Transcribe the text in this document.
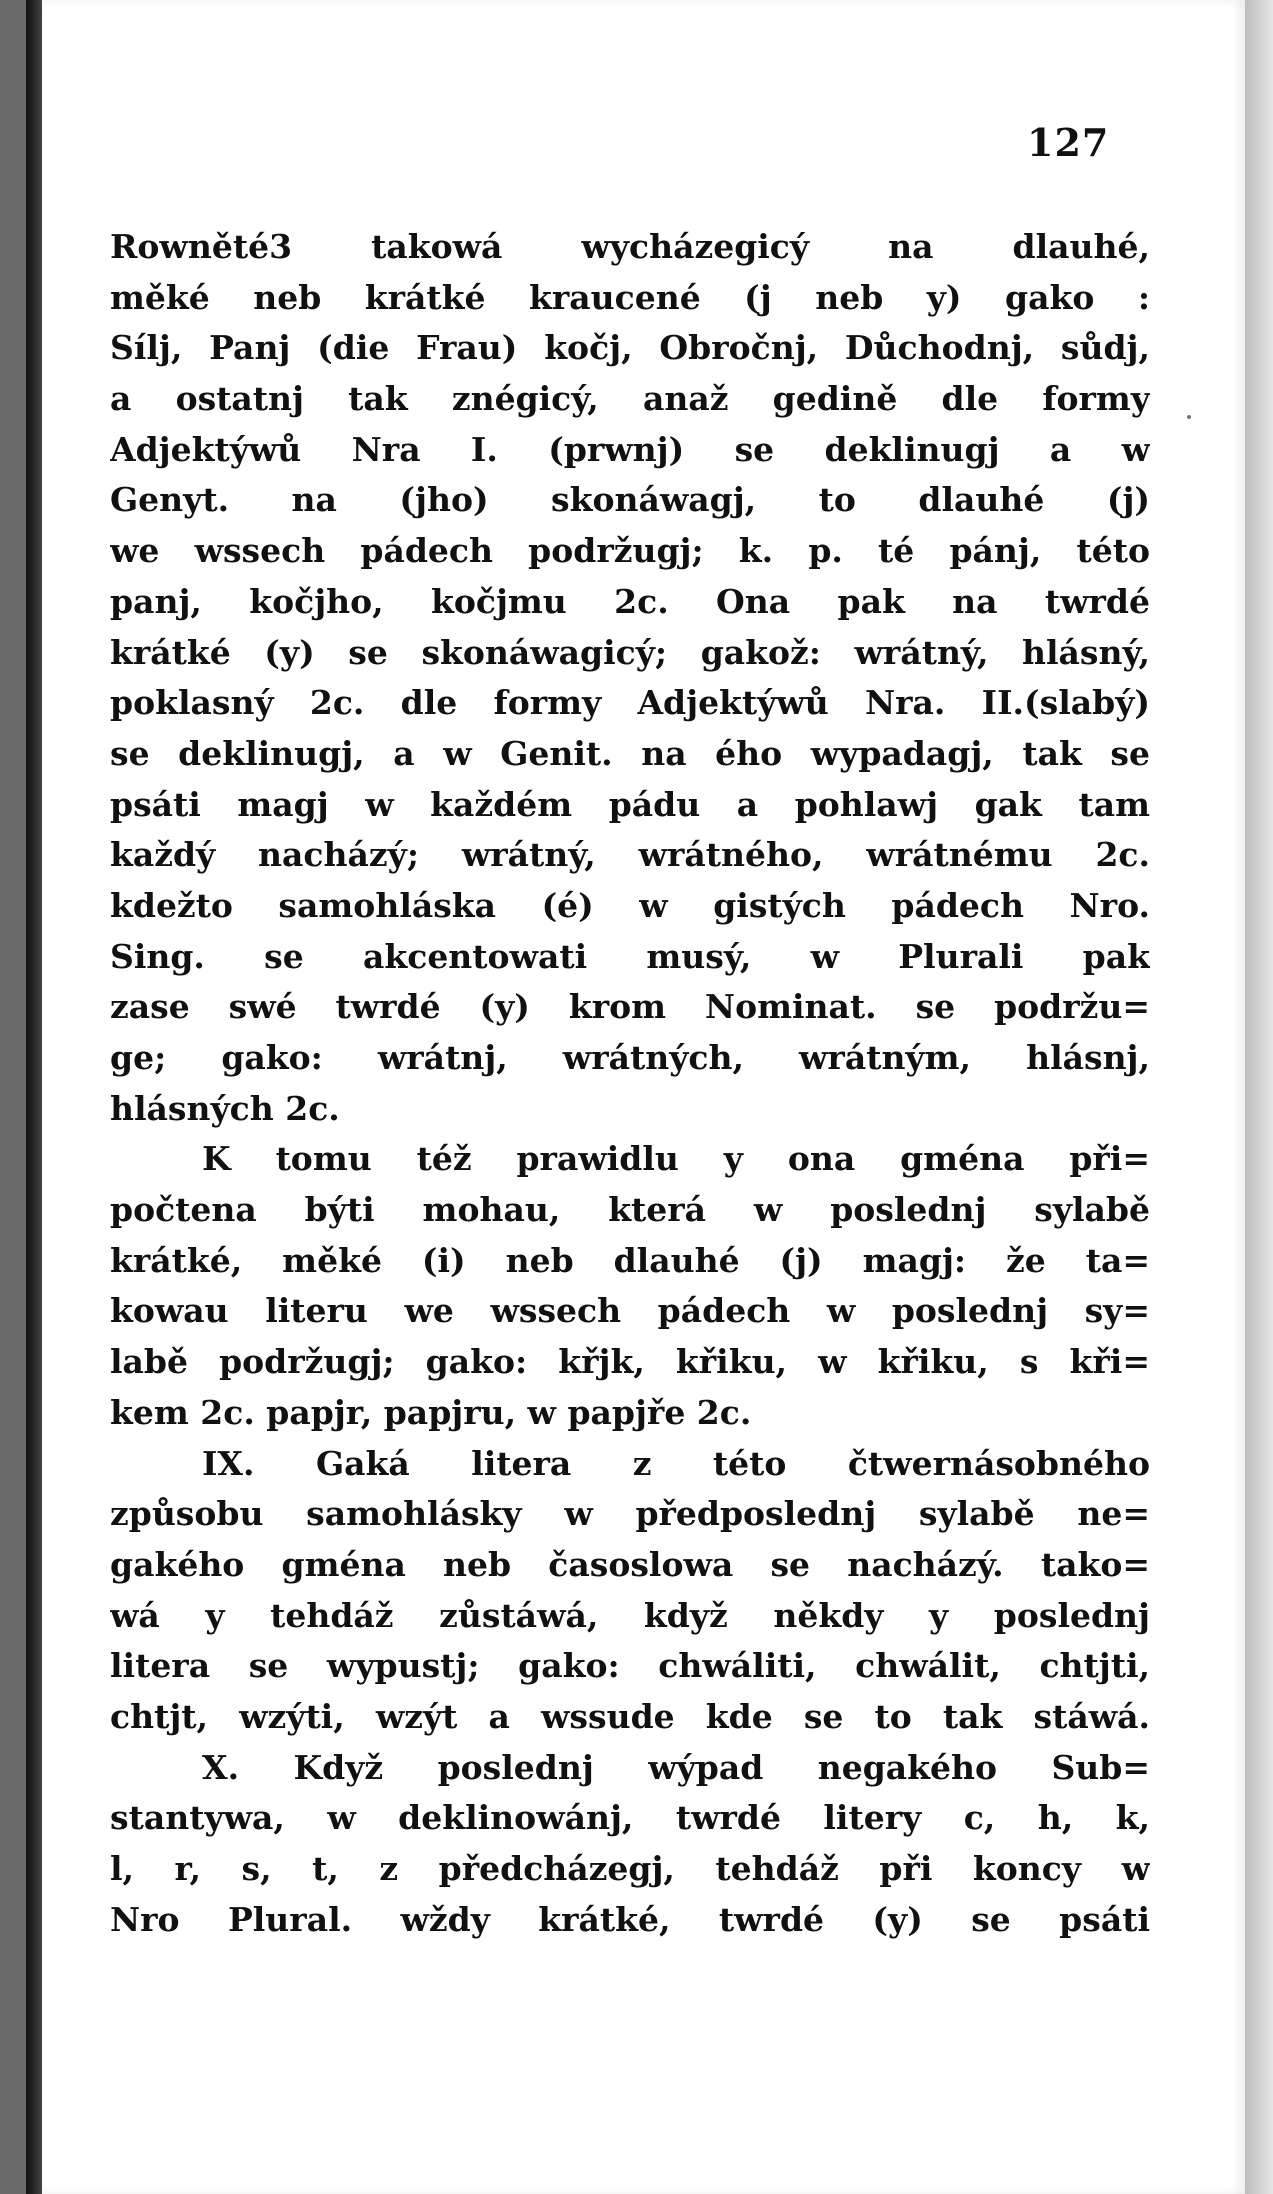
127
Rowněté3 takowá wycházegicý na dlauhé,
měké neb krátké kraucené (j neb y) gako :
Sílj, Panj (die Frau) kočj, Obročnj, Důchodnj, sůdj,
a ostatnj tak znégicý, anaž gedině dle formy
Adjektýwů Nra I. (prwnj) se deklinugj a w
Genyt. na (jho) skonáwagj, to dlauhé (j)
we wssech pádech podržugj; k. p. té pánj, této
panj, kočjho, kočjmu 2c. Ona pak na twrdé
krátké (y) se skonáwagicý; gakož: wrátný, hlásný,
poklasný 2c. dle formy Adjektýwů Nra. II.(slabý)
se deklinugj, a w Genit. na ého wypadagj, tak se
psáti magj w každém pádu a pohlawj gak tam
každý nacházý; wrátný, wrátného, wrátnému 2c.
kdežto samohláska (é) w gistých pádech Nro.
Sing. se akcentowati musý, w Plurali pak
zase swé twrdé (y) krom Nominat. se podržu=
ge; gako: wrátnj, wrátných, wrátným, hlásnj,
hlásných 2c.
K tomu též prawidlu y ona gména při=
počtena býti mohau, která w poslednj sylabě
krátké, měké (i) neb dlauhé (j) magj: že ta=
kowau literu we wssech pádech w poslednj sy=
labě podržugj; gako: křjk, křiku, w křiku, s kři=
kem 2c. papjr, papjru, w papjře 2c.
IX. Gaká litera z této čtwernásobného
způsobu samohlásky w předposlednj sylabě ne=
gakého gména neb časoslowa se nacházý. tako=
wá y tehdáž zůstáwá, když někdy y poslednj
litera se wypustj; gako: chwáliti, chwálit, chtjti,
chtjt, wzýti, wzýt a wssude kde se to tak stáwá.
X. Když poslednj wýpad negakého Sub=
stantywa, w deklinowánj, twrdé litery c, h, k,
l, r, s, t, z předcházegj, tehdáž při koncy w
Nro Plural. wždy krátké, twrdé (y) se psáti
